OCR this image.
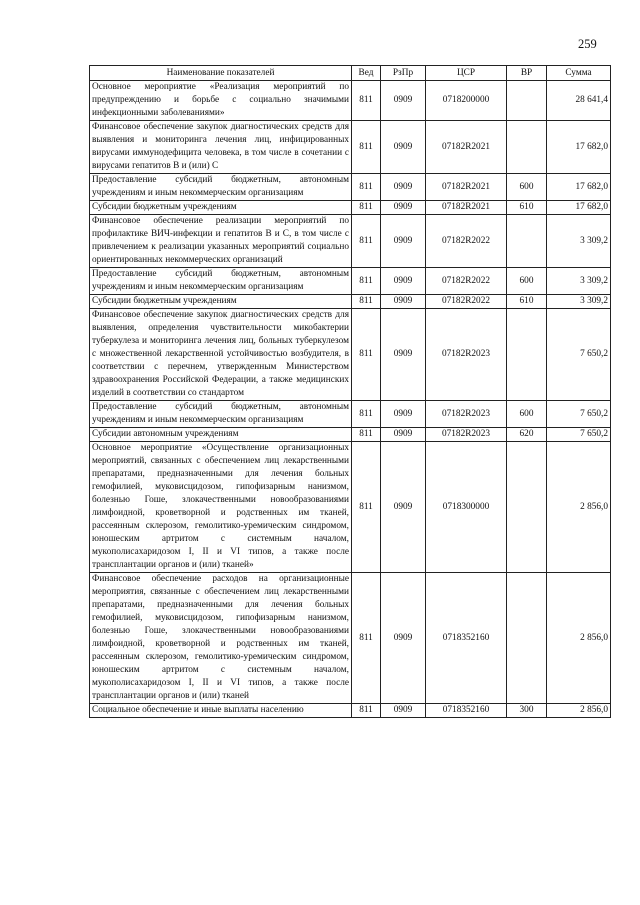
259
Наименование показателей	Вед	РзПр	ЦСР	ВР	Сумма
Основное мероприятие «Реализация мероприятий по предупреждению и борьбе с социально значимыми инфекционными заболеваниями»	811	0909	0718200000		28 641,4
Финансовое обеспечение закупок диагностических средств для выявления и мониторинга лечения лиц, инфицированных вирусами иммунодефицита человека, в том числе в сочетании с вирусами гепатитов В и (или) С	811	0909	07182R2021		17 682,0
Предоставление субсидий бюджетным, автономным учреждениям и иным некоммерческим организациям	811	0909	07182R2021	600	17 682,0
Субсидии бюджетным учреждениям	811	0909	07182R2021	610	17 682,0
Финансовое обеспечение реализации мероприятий по профилактике ВИЧ-инфекции и гепатитов В и С, в том числе с привлечением к реализации указанных мероприятий социально ориентированных некоммерческих организаций	811	0909	07182R2022		3 309,2
Предоставление субсидий бюджетным, автономным учреждениям и иным некоммерческим организациям	811	0909	07182R2022	600	3 309,2
Субсидии бюджетным учреждениям	811	0909	07182R2022	610	3 309,2
Финансовое обеспечение закупок диагностических средств для выявления, определения чувствительности микобактерии туберкулеза и мониторинга лечения лиц, больных туберкулезом с множественной лекарственной устойчивостью возбудителя, в соответствии с перечнем, утвержденным Министерством здравоохранения Российской Федерации, а также медицинских изделий в соответствии со стандартом	811	0909	07182R2023		7 650,2
Предоставление субсидий бюджетным, автономным учреждениям и иным некоммерческим организациям	811	0909	07182R2023	600	7 650,2
Субсидии автономным учреждениям	811	0909	07182R2023	620	7 650,2
Основное мероприятие «Осуществление организационных мероприятий, связанных с обеспечением лиц лекарственными препаратами, предназначенными для лечения больных гемофилией, муковисцидозом, гипофизарным нанизмом, болезнью Гоше, злокачественными новообразованиями лимфоидной, кроветворной и родственных им тканей, рассеянным склерозом, гемолитико-уремическим синдромом, юношеским артритом с системным началом, мукополисахаридозом I, II и VI типов, а также после трансплантации органов и (или) тканей»	811	0909	0718300000		2 856,0
Финансовое обеспечение расходов на организационные мероприятия, связанные с обеспечением лиц лекарственными препаратами, предназначенными для лечения больных гемофилией, муковисцидозом, гипофизарным нанизмом, болезнью Гоше, злокачественными новообразованиями лимфоидной, кроветворной и родственных им тканей, рассеянным склерозом, гемолитико-уремическим синдромом, юношеским артритом с системным началом, мукополисахаридозом I, II и VI типов, а также после трансплантации органов и (или) тканей	811	0909	0718352160		2 856,0
Социальное обеспечение и иные выплаты населению	811	0909	0718352160	300	2 856,0
